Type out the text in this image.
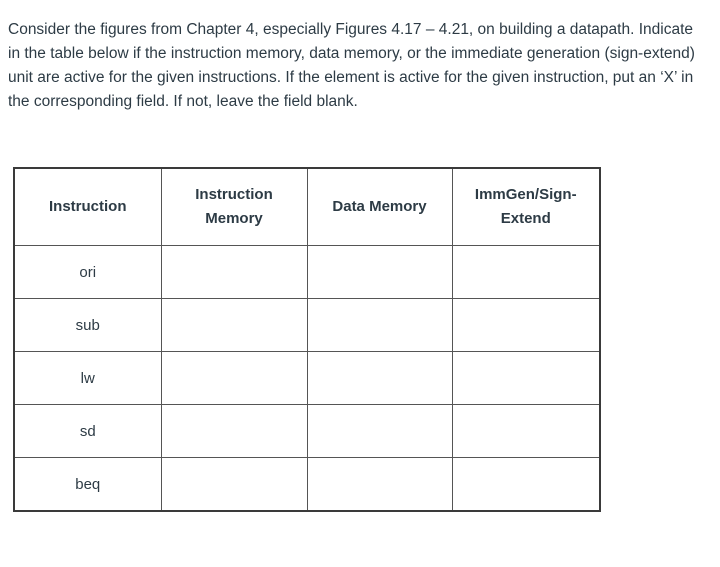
Consider the figures from Chapter 4, especially Figures 4.17 – 4.21, on building a datapath. Indicate in the table below if the instruction memory, data memory, or the immediate generation (sign-extend) unit are active for the given instructions. If the element is active for the given instruction, put an ‘X’ in the corresponding field. If not, leave the field blank.

Instruction	Instruction Memory	Data Memory	ImmGen/Sign-Extend
ori			
sub			
lw			
sd			
beq			
